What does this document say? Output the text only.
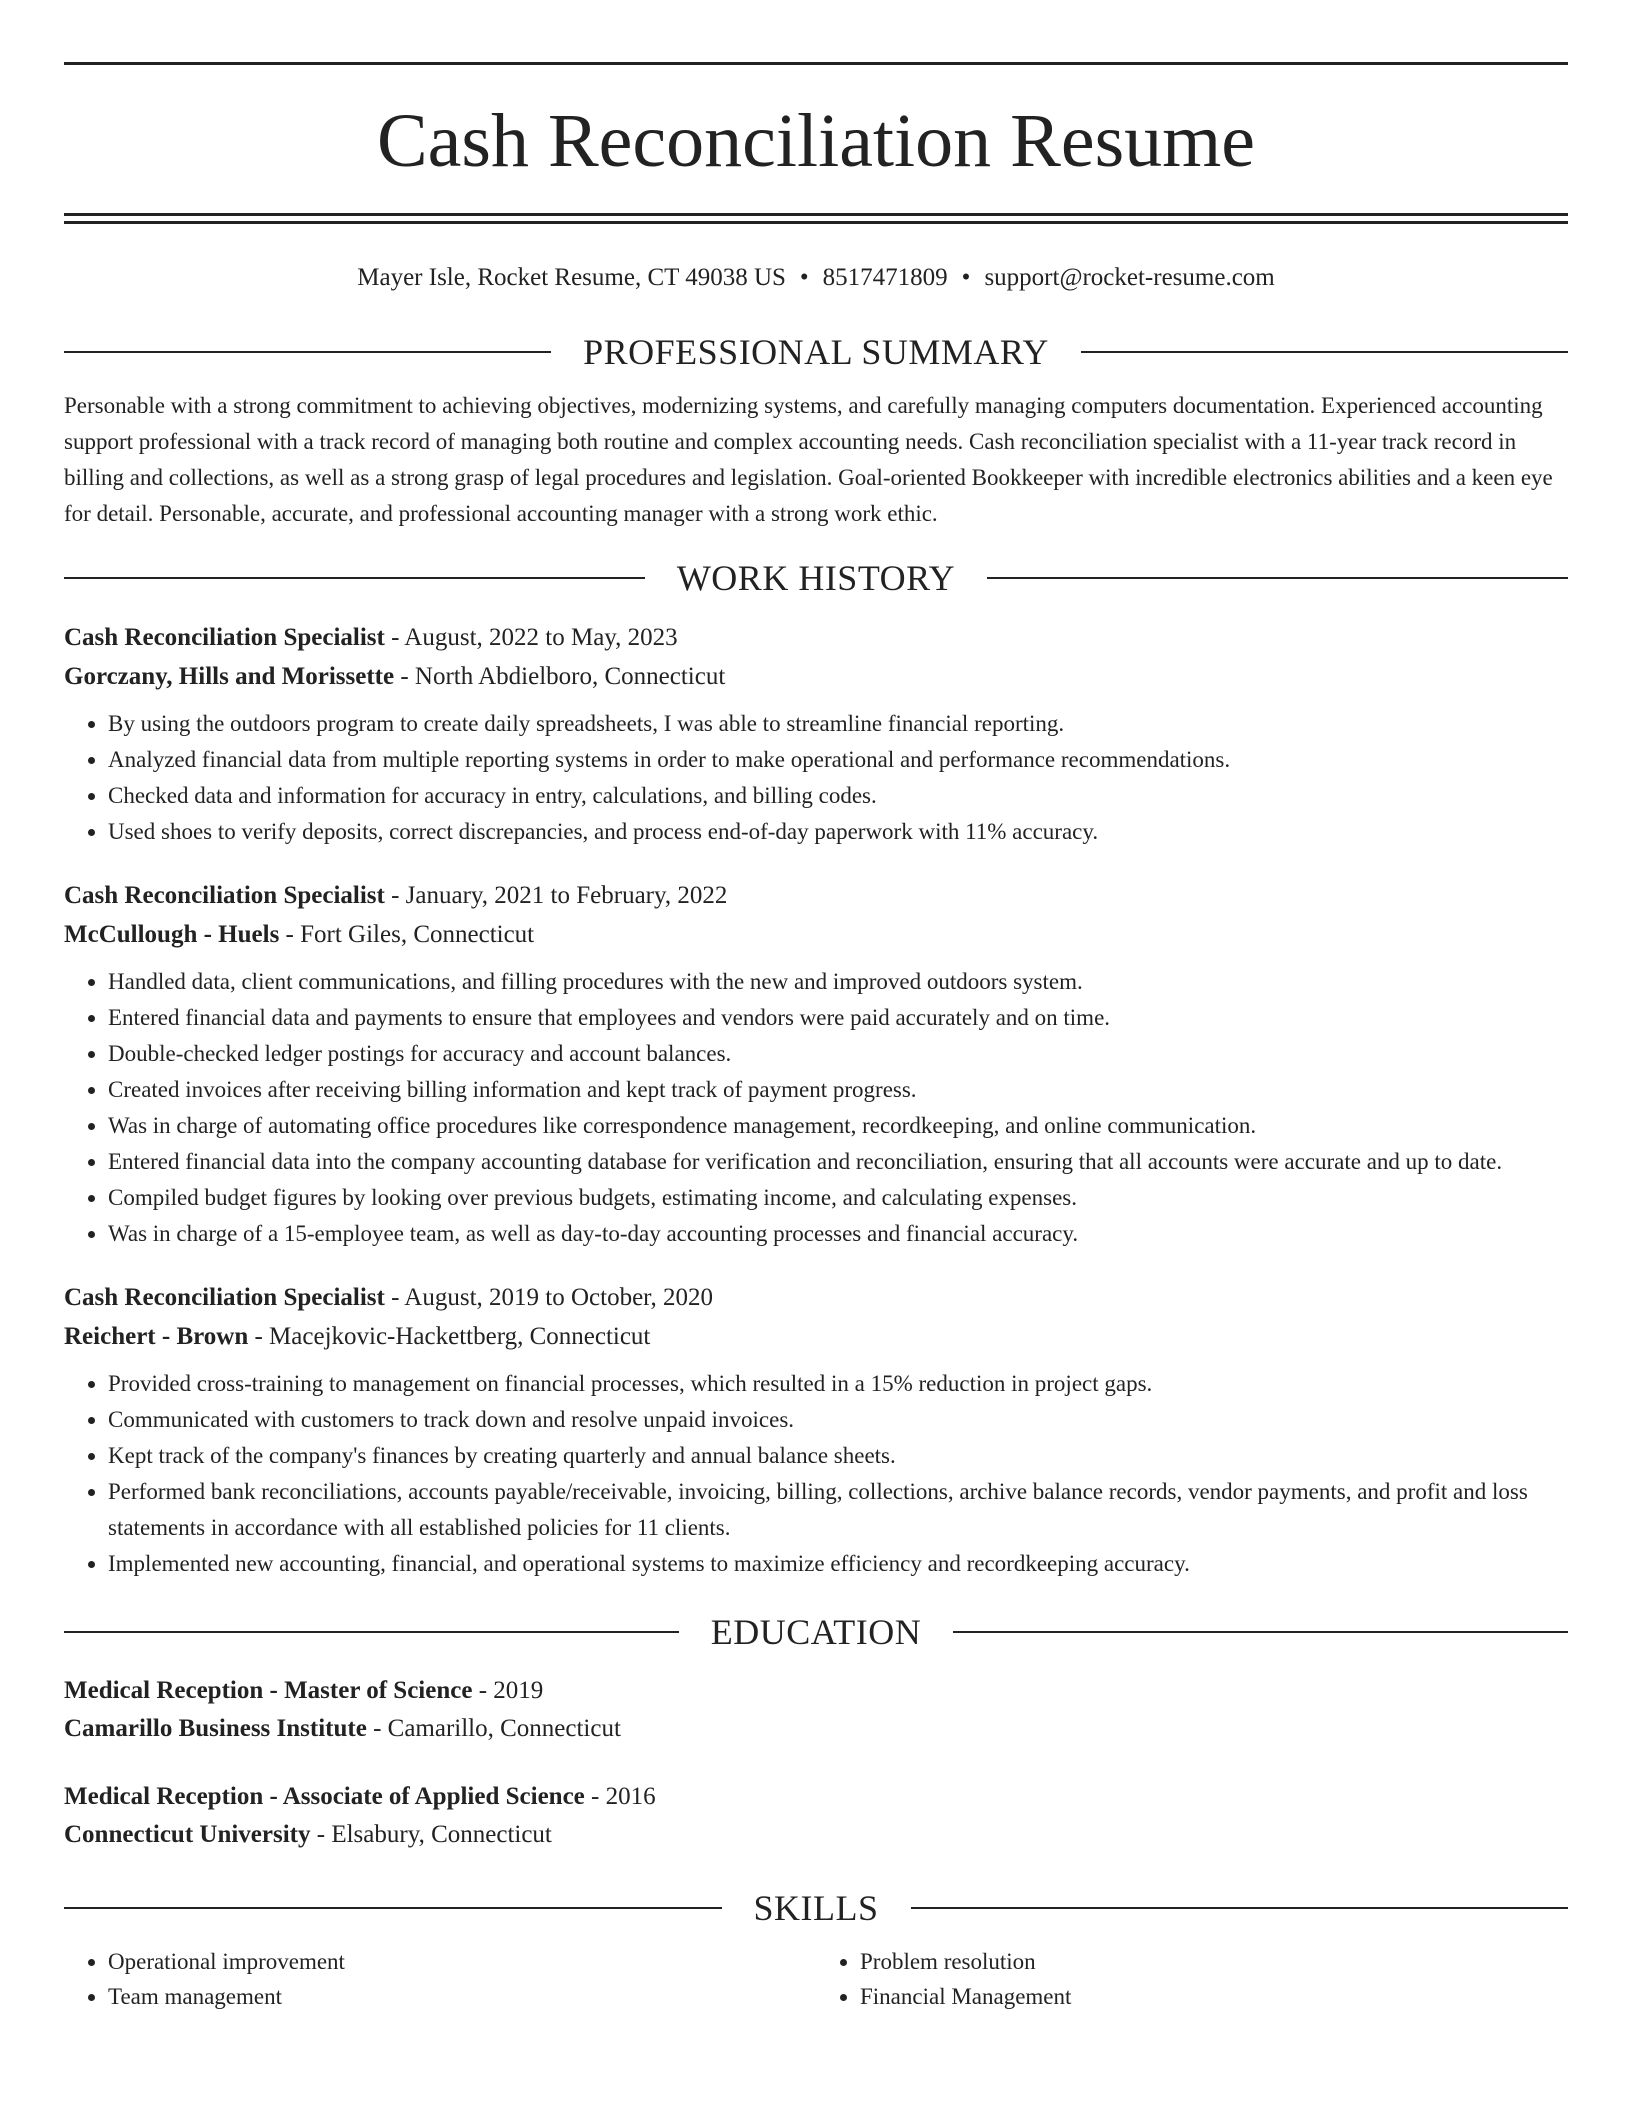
Cash Reconciliation Resume
Mayer Isle, Rocket Resume, CT 49038 US • 8517471809 • support@rocket-resume.com
PROFESSIONAL SUMMARY

Personable with a strong commitment to achieving objectives, modernizing systems, and carefully managing computers documentation. Experienced accounting support professional with a track record of managing both routine and complex accounting needs. Cash reconciliation specialist with a 11-year track record in billing and collections, as well as a strong grasp of legal procedures and legislation. Goal-oriented Bookkeeper with incredible electronics abilities and a keen eye for detail. Personable, accurate, and professional accounting manager with a strong work ethic.

WORK HISTORY
Cash Reconciliation Specialist - August, 2022 to May, 2023
Gorczany, Hills and Morissette - North Abdielboro, Connecticut
• By using the outdoors program to create daily spreadsheets, I was able to streamline financial reporting.
• Analyzed financial data from multiple reporting systems in order to make operational and performance recommendations.
• Checked data and information for accuracy in entry, calculations, and billing codes.
• Used shoes to verify deposits, correct discrepancies, and process end-of-day paperwork with 11% accuracy.
Cash Reconciliation Specialist - January, 2021 to February, 2022
McCullough - Huels - Fort Giles, Connecticut
• Handled data, client communications, and filling procedures with the new and improved outdoors system.
• Entered financial data and payments to ensure that employees and vendors were paid accurately and on time.
• Double-checked ledger postings for accuracy and account balances.
• Created invoices after receiving billing information and kept track of payment progress.
• Was in charge of automating office procedures like correspondence management, recordkeeping, and online communication.
• Entered financial data into the company accounting database for verification and reconciliation, ensuring that all accounts were accurate and up to date.
• Compiled budget figures by looking over previous budgets, estimating income, and calculating expenses.
• Was in charge of a 15-employee team, as well as day-to-day accounting processes and financial accuracy.
Cash Reconciliation Specialist - August, 2019 to October, 2020
Reichert - Brown - Macejkovic-Hackettberg, Connecticut
• Provided cross-training to management on financial processes, which resulted in a 15% reduction in project gaps.
• Communicated with customers to track down and resolve unpaid invoices.
• Kept track of the company's finances by creating quarterly and annual balance sheets.
• Performed bank reconciliations, accounts payable/receivable, invoicing, billing, collections, archive balance records, vendor payments, and profit and loss statements in accordance with all established policies for 11 clients.
• Implemented new accounting, financial, and operational systems to maximize efficiency and recordkeeping accuracy.
EDUCATION
Medical Reception - Master of Science - 2019
Camarillo Business Institute - Camarillo, Connecticut
Medical Reception - Associate of Applied Science - 2016
Connecticut University - Elsabury, Connecticut
SKILLS
• Operational improvement
• Team management
• Problem resolution
• Financial Management
